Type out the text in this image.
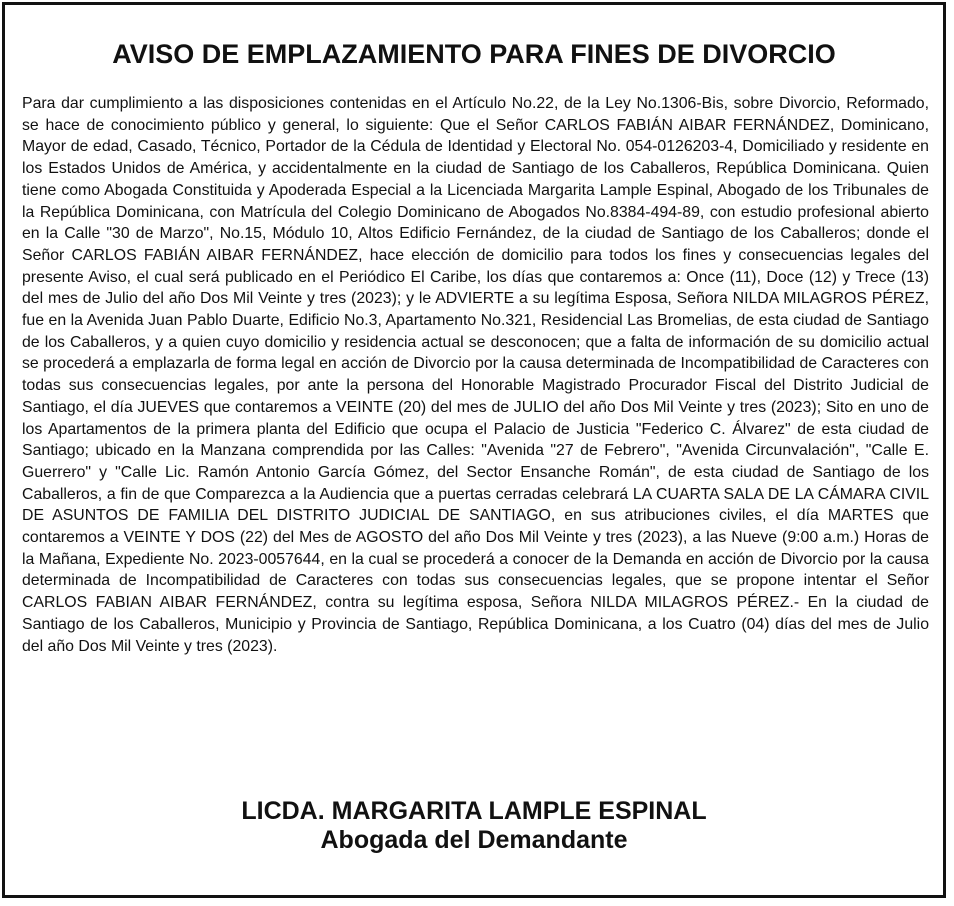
AVISO DE EMPLAZAMIENTO PARA FINES DE DIVORCIO

Para dar cumplimiento a las disposiciones contenidas en el Artículo No.22, de la Ley No.1306-Bis, sobre Divorcio, Reformado, se hace de conocimiento público y general, lo siguiente: Que el Señor CARLOS FABIÁN AIBAR FERNÁNDEZ, Dominicano, Mayor de edad, Casado, Técnico, Portador de la Cédula de Identidad y Electoral No. 054-0126203-4, Domiciliado y residente en los Estados Unidos de América, y accidentalmente en la ciudad de Santiago de los Caballeros, República Dominicana. Quien tiene como Abogada Constituida y Apoderada Especial a la Licenciada Margarita Lample Espinal, Abogado de los Tribunales de la República Dominicana, con Matrícula del Colegio Dominicano de Abogados No.8384-494-89, con estudio profesional abierto en la Calle "30 de Marzo", No.15, Módulo 10, Altos Edificio Fernández, de la ciudad de Santiago de los Caballeros; donde el Señor CARLOS FABIÁN AIBAR FERNÁNDEZ, hace elección de domicilio para todos los fines y consecuencias legales del presente Aviso, el cual será publicado en el Periódico El Caribe, los días que contaremos a: Once (11), Doce (12) y Trece (13) del mes de Julio del año Dos Mil Veinte y tres (2023); y le ADVIERTE a su legítima Esposa, Señora NILDA MILAGROS PÉREZ, fue en la Avenida Juan Pablo Duarte, Edificio No.3, Apartamento No.321, Residencial Las Bromelias, de esta ciudad de Santiago de los Caballeros, y a quien cuyo domicilio y residencia actual se desconocen; que a falta de información de su domicilio actual se procederá a emplazarla de forma legal en acción de Divorcio por la causa determinada de Incompatibilidad de Caracteres con todas sus consecuencias legales, por ante la persona del Honorable Magistrado Procurador Fiscal del Distrito Judicial de Santiago, el día JUEVES que contaremos a VEINTE (20) del mes de JULIO del año Dos Mil Veinte y tres (2023); Sito en uno de los Apartamentos de la primera planta del Edificio que ocupa el Palacio de Justicia "Federico C. Álvarez" de esta ciudad de Santiago; ubicado en la Manzana comprendida por las Calles: "Avenida "27 de Febrero", "Avenida Circunvalación", "Calle E. Guerrero" y "Calle Lic. Ramón Antonio García Gómez, del Sector Ensanche Román", de esta ciudad de Santiago de los Caballeros, a fin de que Comparezca a la Audiencia que a puertas cerradas celebrará LA CUARTA SALA DE LA CÁMARA CIVIL DE ASUNTOS DE FAMILIA DEL DISTRITO JUDICIAL DE SANTIAGO, en sus atribuciones civiles, el día MARTES que contaremos a VEINTE Y DOS (22) del Mes de AGOSTO del año Dos Mil Veinte y tres (2023), a las Nueve (9:00 a.m.) Horas de la Mañana, Expediente No. 2023-0057644, en la cual se procederá a conocer de la Demanda en acción de Divorcio por la causa determinada de Incompatibilidad de Caracteres con todas sus consecuencias legales, que se propone intentar el Señor CARLOS FABIAN AIBAR FERNÁNDEZ, contra su legítima esposa, Señora NILDA MILAGROS PÉREZ.- En la ciudad de Santiago de los Caballeros, Municipio y Provincia de Santiago, República Dominicana, a los Cuatro (04) días del mes de Julio del año Dos Mil Veinte y tres (2023).

LICDA. MARGARITA LAMPLE ESPINAL
Abogada del Demandante
